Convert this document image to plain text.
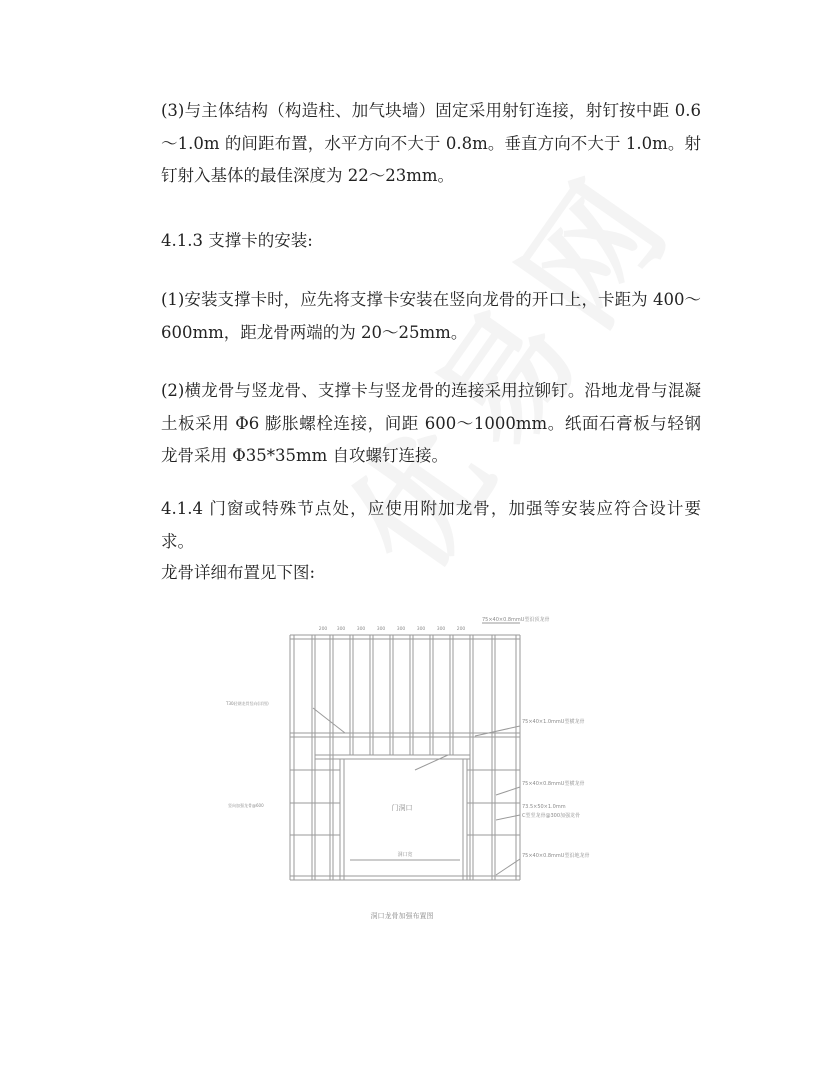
(3)与主体结构（构造柱、加气块墙）固定采用射钉连接，射钉按中距 0.6～1.0m 的间距布置，水平方向不大于 0.8m。垂直方向不大于 1.0m。射钉射入基体的最佳深度为 22～23mm。

4.1.3 支撑卡的安装:

(1)安装支撑卡时，应先将支撑卡安装在竖向龙骨的开口上，卡距为 400～600mm，距龙骨两端的为 20～25mm。

(2)横龙骨与竖龙骨、支撑卡与竖龙骨的连接采用拉铆钉。沿地龙骨与混凝土板采用 Φ6 膨胀螺栓连接，间距 600～1000mm。纸面石膏板与轻钢龙骨采用 Φ35*35mm 自攻螺钉连接。

4.1.4 门窗或特殊节点处，应使用附加龙骨，加强等安装应符合设计要求。

龙骨详细布置见下图:

200 300	300	300	300	300	300	200
75×40×0.8mmU型沿顶龙骨
75×40×1.0mmU型横龙骨
75×40×0.8mmU型横龙骨
73.5×50×1.0mm
C型竖龙骨@300加强龙骨
75×40×0.8mmU型沿地龙骨
T30轻钢龙骨竖向(详图)
竖向加强龙骨@600	门洞口
洞口宽
洞口龙骨加强布置图
